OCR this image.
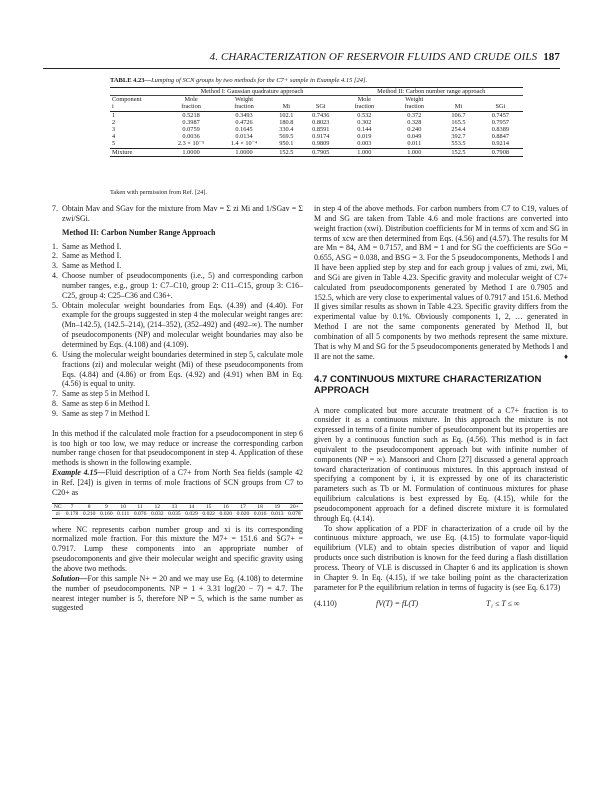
4. CHARACTERIZATION OF RESERVOIR FLUIDS AND CRUDE OILS 187
TABLE 4.23—Lumping of SCN groups by two methods for the C7+ sample in Example 4.15 [24].
	Method I: Gaussian quadrature approach				Method II: Carbon number range approach			
Component	Mole	Weight			Mole	Weight		
i	fraction	fraction	Mi	SGi	fraction	fraction	Mi	SGi
1	0.5218	0.3493	102.1	0.7436	0.532	0.372	106.7	0.7457
2	0.3987	0.4726	180.8	0.8023	0.302	0.328	165.5	0.7957
3	0.0759	0.1645	330.4	0.8591	0.144	0.240	254.4	0.8389
4	0.0036	0.0134	569.5	0.9174	0.019	0.049	392.7	0.8847
5	2.3 × 10⁻⁵	1.4 × 10⁻⁴	950.1	0.9809	0.003	0.011	553.5	0.9214
Mixture	1.0000	1.0000	152.5	0.7905	1.000	1.000	152.5	0.7908
Taken with permission from Ref. [24].
7. Obtain Mav and SGav for the mixture from Mav = Σ zi Mi and 1/SGav = Σ zwi/SGi.
Method II: Carbon Number Range Approach
1. Same as Method I.
2. Same as Method I.
3. Same as Method I.
4. Choose number of pseudocomponents (i.e., 5) and corresponding carbon number ranges, e.g., group 1: C7–C10, group 2: C11–C15, group 3: C16–C25, group 4: C25–C36 and C36+.
5. Obtain molecular weight boundaries from Eqs. (4.39) and (4.40). For example for the groups suggested in step 4 the molecular weight ranges are: (Mn–142.5), (142.5–214), (214–352), (352–492) and (492–∞). The number of pseudocomponents (NP) and molecular weight boundaries may also be determined by Eqs. (4.108) and (4.109).
6. Using the molecular weight boundaries determined in step 5, calculate mole fractions (zi) and molecular weight (Mi) of these pseudocomponents from Eqs. (4.84) and (4.86) or from Eqs. (4.92) and (4.91) when BM in Eq. (4.56) is equal to unity.
7. Same as step 5 in Method I.
8. Same as step 6 in Method I.
9. Same as step 7 in Method I.

In this method if the calculated mole fraction for a pseudocomponent in step 6 is too high or too low, we may reduce or increase the corresponding carbon number range chosen for that pseudocomponent in step 4. Application of these methods is shown in the following example.

Example 4.15—Fluid description of a C7+ from North Sea fields (sample 42 in Ref. [24]) is given in terms of mole fractions of SCN groups from C7 to C20+ as

NC	7	8	9	10	11	12	13	14	15	16	17	18	19	20+
zi	0.178	0.210	0.160	0.111	0.076	0.032	0.035	0.029	0.022	0.020	0.020	0.016	0.013	0.078

where NC represents carbon number group and xi is its corresponding normalized mole fraction. For this mixture the M7+ = 151.6 and SG7+ = 0.7917. Lump these components into an appropriate number of pseudocomponents and give their molecular weight and specific gravity using the above two methods.

Solution—For this sample N+ = 20 and we may use Eq. (4.108) to determine the number of pseudocomponents. NP = 1 + 3.31 log(20 − 7) = 4.7. The nearest integer number is 5, therefore NP = 5, which is the same number as suggested

in step 4 of the above methods. For carbon numbers from C7 to C19, values of M and SG are taken from Table 4.6 and mole fractions are converted into weight fraction (xwi). Distribution coefficients for M in terms of xcm and SG in terms of xcw are then determined from Eqs. (4.56) and (4.57). The results for M are Mn = 84, AM = 0.7157, and BM = 1 and for SG the coefficients are SGo = 0.655, ASG = 0.038, and BSG = 3. For the 5 pseudocomponents, Methods I and II have been applied step by step and for each group j values of zmi, zwi, Mi, and SGi are given in Table 4.23. Specific gravity and molecular weight of C7+ calculated from pseudocomponents generated by Method I are 0.7905 and 152.5, which are very close to experimental values of 0.7917 and 151.6. Method II gives similar results as shown in Table 4.23. Specific gravity differs from the experimental value by 0.1%. Obviously components 1, 2, … generated in Method I are not the same components generated by Method II, but combination of all 5 components by two methods represent the same mixture. That is why M and SG for the 5 pseudocomponents generated by Methods I and II are not the same.	♦

4.7 CONTINUOUS MIXTURE CHARACTERIZATION APPROACH

A more complicated but more accurate treatment of a C7+ fraction is to consider it as a continuous mixture. In this approach the mixture is not expressed in terms of a finite number of pseudocomponent but its properties are given by a continuous function such as Eq. (4.56). This method is in fact equivalent to the pseudocomponent approach but with infinite number of components (NP = ∞). Mansoori and Chorn [27] discussed a general approach toward characterization of continuous mixtures. In this approach instead of specifying a component by i, it is expressed by one of its characteristic parameters such as Tb or M. Formulation of continuous mixtures for phase equilibrium calculations is best expressed by Eq. (4.15), while for the pseudocomponent approach for a defined discrete mixture it is formulated through Eq. (4.14).

To show application of a PDF in characterization of a crude oil by the continuous mixture approach, we use Eq. (4.15) to formulate vapor-liquid equilibrium (VLE) and to obtain species distribution of vapor and liquid products once such distribution is known for the feed during a flash distillation process. Theory of VLE is discussed in Chapter 6 and its application is shown in Chapter 9. In Eq. (4.15), if we take boiling point as the characterization parameter for P the equilibrium relation in terms of fugacity is (see Eq. 6.173)

(4.110)	fV(T) = fL(T)	T₁ ≤ T ≤ ∞
